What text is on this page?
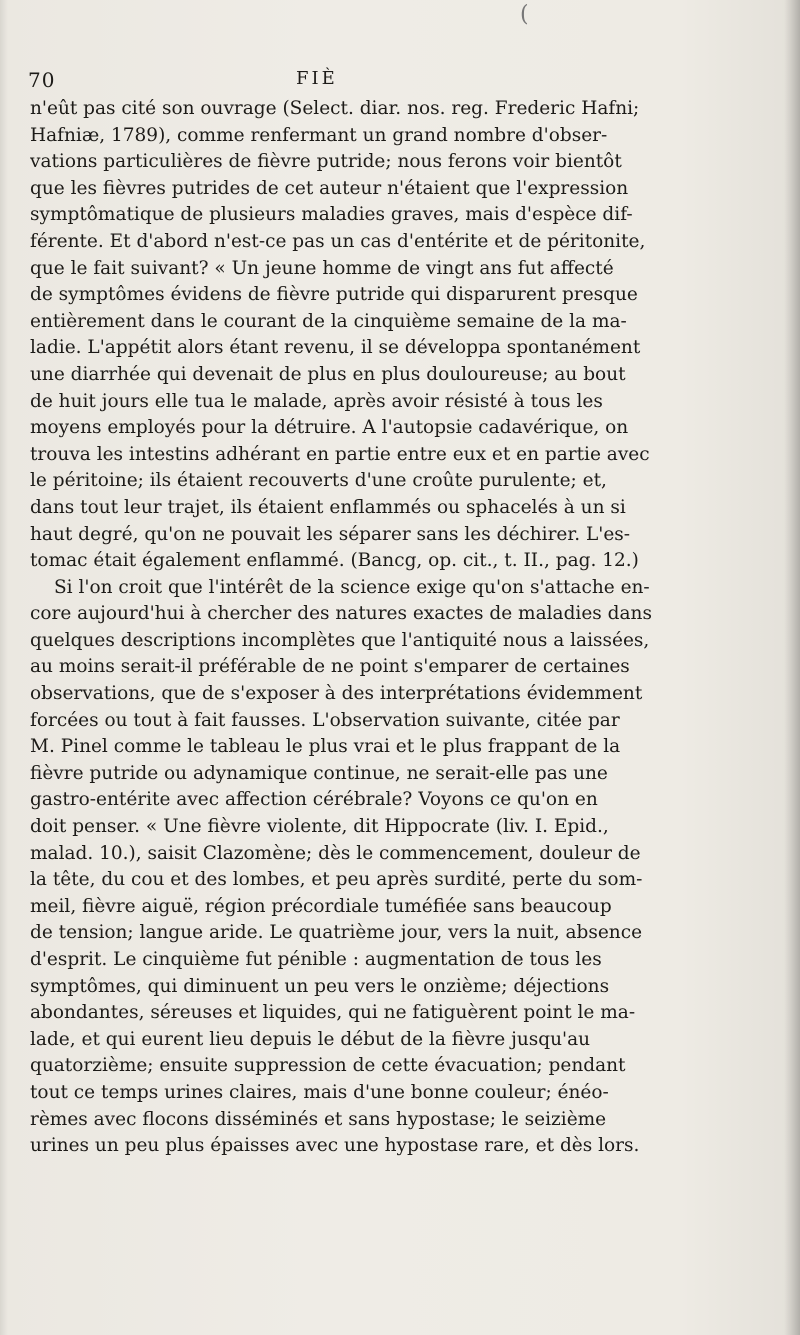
(
70	FIÈ
n'eût pas cité son ouvrage (Select. diar. nos. reg. Frederic Hafni;
Hafniæ, 1789), comme renfermant un grand nombre d'obser-
vations particulières de fièvre putride; nous ferons voir bientôt
que les fièvres putrides de cet auteur n'étaient que l'expression
symptômatique de plusieurs maladies graves, mais d'espèce dif-
férente. Et d'abord n'est-ce pas un cas d'entérite et de péritonite,
que le fait suivant? « Un jeune homme de vingt ans fut affecté
de symptômes évidens de fièvre putride qui disparurent presque
entièrement dans le courant de la cinquième semaine de la ma-
ladie. L'appétit alors étant revenu, il se développa spontanément
une diarrhée qui devenait de plus en plus douloureuse; au bout
de huit jours elle tua le malade, après avoir résisté à tous les
moyens employés pour la détruire. A l'autopsie cadavérique, on
trouva les intestins adhérant en partie entre eux et en partie avec
le péritoine; ils étaient recouverts d'une croûte purulente; et,
dans tout leur trajet, ils étaient enflammés ou sphacelés à un si
haut degré, qu'on ne pouvait les séparer sans les déchirer. L'es-
tomac était également enflammé. (Bancg, op. cit., t. II., pag. 12.)
Si l'on croit que l'intérêt de la science exige qu'on s'attache en-
core aujourd'hui à chercher des natures exactes de maladies dans
quelques descriptions incomplètes que l'antiquité nous a laissées,
au moins serait-il préférable de ne point s'emparer de certaines
observations, que de s'exposer à des interprétations évidemment
forcées ou tout à fait fausses. L'observation suivante, citée par
M. Pinel comme le tableau le plus vrai et le plus frappant de la
fièvre putride ou adynamique continue, ne serait-elle pas une
gastro-entérite avec affection cérébrale? Voyons ce qu'on en
doit penser. « Une fièvre violente, dit Hippocrate (liv. I. Epid.,
malad. 10.), saisit Clazomène; dès le commencement, douleur de
la tête, du cou et des lombes, et peu après surdité, perte du som-
meil, fièvre aiguë, région précordiale tuméfiée sans beaucoup
de tension; langue aride. Le quatrième jour, vers la nuit, absence
d'esprit. Le cinquième fut pénible : augmentation de tous les
symptômes, qui diminuent un peu vers le onzième; déjections
abondantes, séreuses et liquides, qui ne fatiguèrent point le ma-
lade, et qui eurent lieu depuis le début de la fièvre jusqu'au
quatorzième; ensuite suppression de cette évacuation; pendant
tout ce temps urines claires, mais d'une bonne couleur; énéo-
rèmes avec flocons disséminés et sans hypostase; le seizième
urines un peu plus épaisses avec une hypostase rare, et dès lors.
